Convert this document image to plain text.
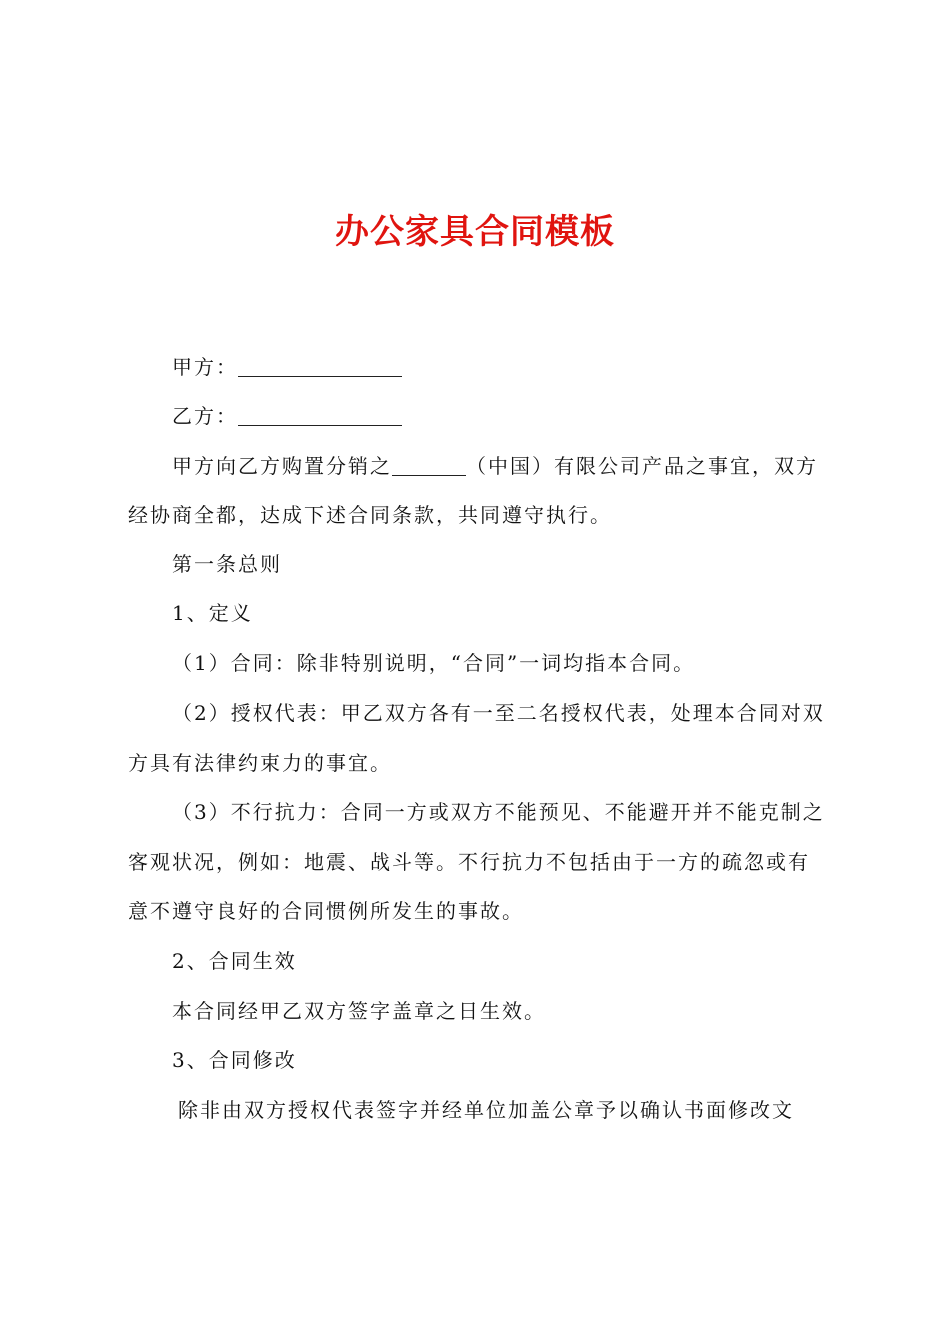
办公家具合同模板
甲方：
乙方：
甲方向乙方购置分销之	（中国）有限公司产品之事宜，双方
经协商全都，达成下述合同条款，共同遵守执行。
第一条总则
1、定义
（1）合同：除非特别说明，“合同”一词均指本合同。
（2）授权代表：甲乙双方各有一至二名授权代表，处理本合同对双
方具有法律约束力的事宜。
（3）不行抗力：合同一方或双方不能预见、不能避开并不能克制之
客观状况，例如：地震、战斗等。不行抗力不包括由于一方的疏忽或有
意不遵守良好的合同惯例所发生的事故。
2、合同生效
本合同经甲乙双方签字盖章之日生效。
3、合同修改
除非由双方授权代表签字并经单位加盖公章予以确认书面修改文
